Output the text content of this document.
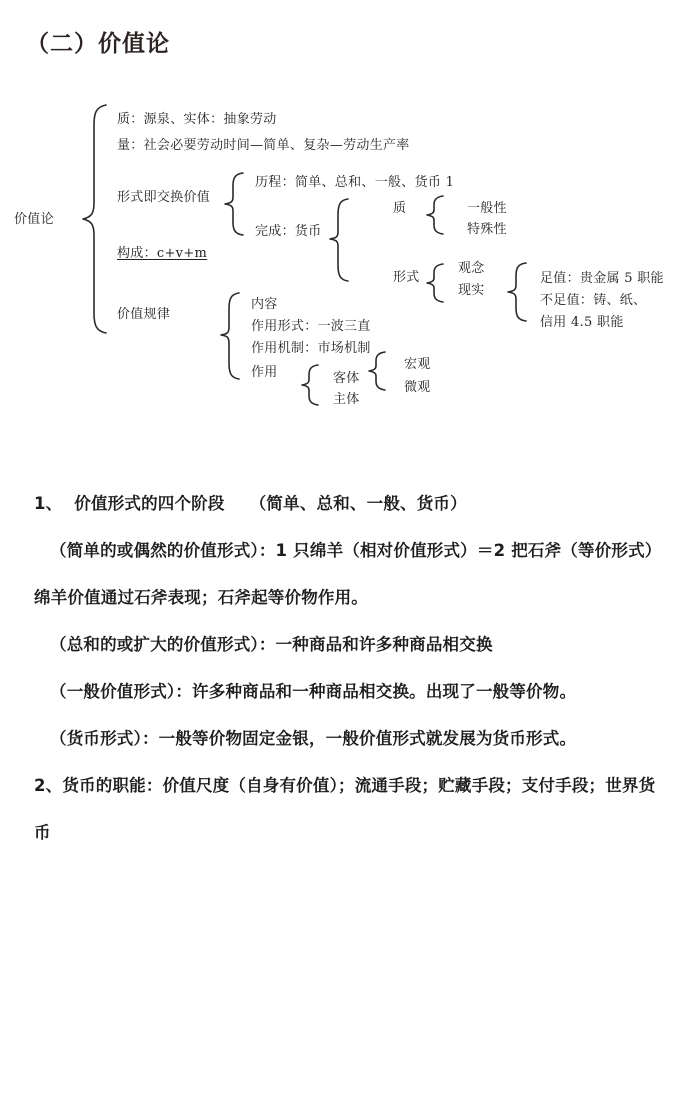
（二）价值论
价值论
质：源泉、实体：抽象劳动
量：社会必要劳动时间—简单、复杂—劳动生产率
形式即交换价值
构成：c+v+m
价值规律
历程：简单、总和、一般、货币 1
完成：货币
质
形式
一般性
特殊性
观念
现实
足值：贵金属 5 职能
不足值：铸、纸、
信用 4.5 职能
内容
作用形式：一波三直
作用机制：市场机制
作用	客体
主体
宏观
微观

1、  价值形式的四个阶段　　（简单、总和、一般、货币）

（简单的或偶然的价值形式）：1 只绵羊（相对价值形式）＝2 把石斧（等价形式）

绵羊价值通过石斧表现；石斧起等价物作用。

（总和的或扩大的价值形式）：一种商品和许多种商品相交换

（一般价值形式）：许多种商品和一种商品相交换。出现了一般等价物。

（货币形式）：一般等价物固定金银，一般价值形式就发展为货币形式。

2、货币的职能：价值尺度（自身有价值）；流通手段；贮藏手段；支付手段；世界货币
